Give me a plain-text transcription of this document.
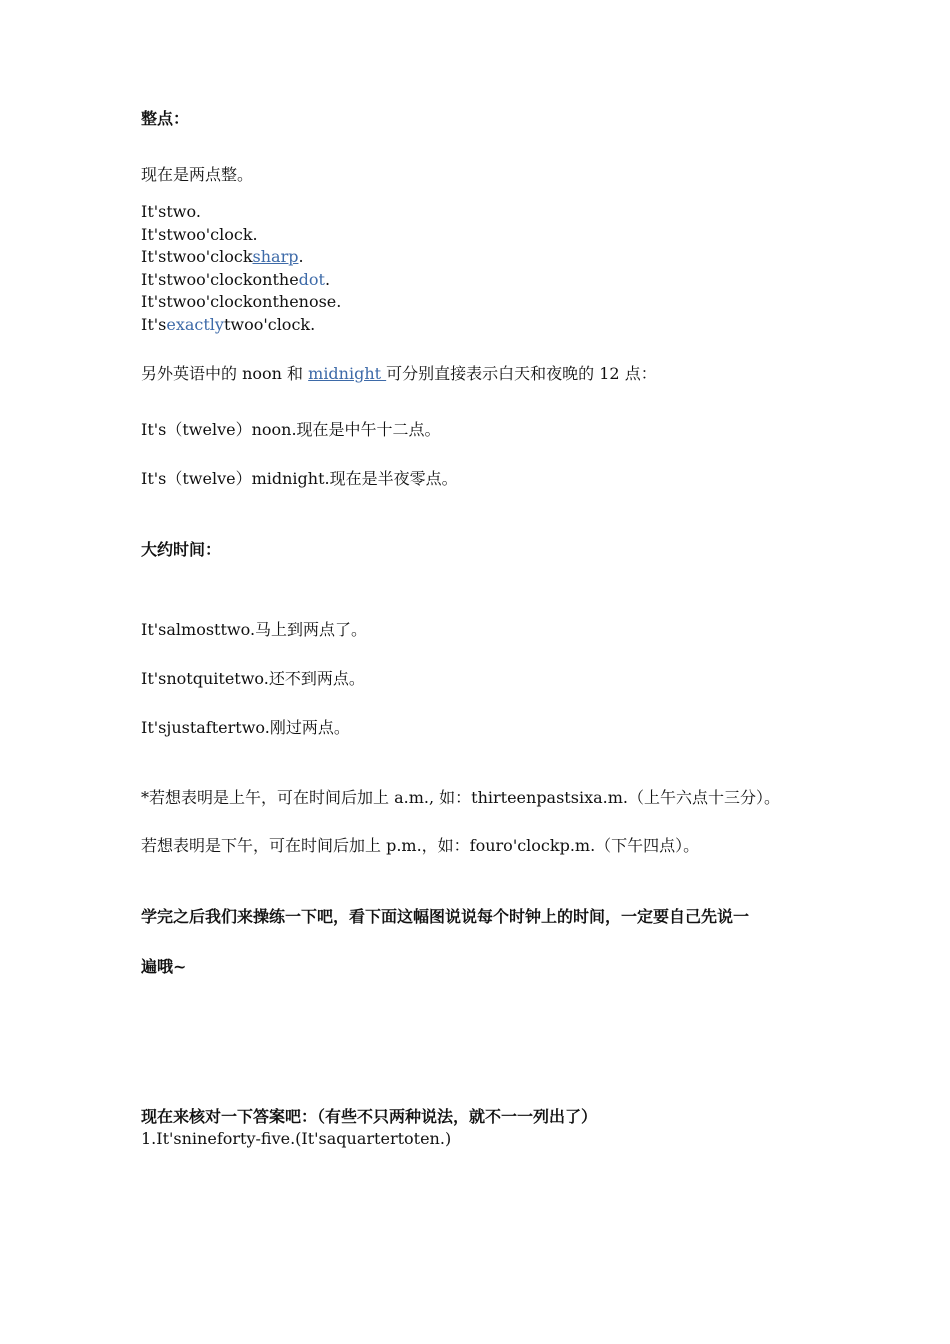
整点：
现在是两点整。
It'stwo.
It'stwoo'clock.
It'stwoo'clocksharp.
It'stwoo'clockonthedot.
It'stwoo'clockonthenose.
It'sexactlytwoo'clock.
另外英语中的 noon 和 midnight 可分别直接表示白天和夜晚的 12 点：
It's（twelve）noon.现在是中午十二点。
It's（twelve）midnight.现在是半夜零点。
大约时间：
It'salmosttwo.马上到两点了。
It'snotquitetwo.还不到两点。
It'sjustaftertwo.刚过两点。
*若想表明是上午，可在时间后加上 a.m., 如：thirteenpastsixa.m.（上午六点十三分）。
若想表明是下午，可在时间后加上 p.m.，如：fouro'clockp.m.（下午四点）。
学完之后我们来操练一下吧，看下面这幅图说说每个时钟上的时间，一定要自己先说一
遍哦~
现在来核对一下答案吧：（有些不只两种说法，就不一一列出了）
1.It'snineforty-five.(It'saquartertoten.)
